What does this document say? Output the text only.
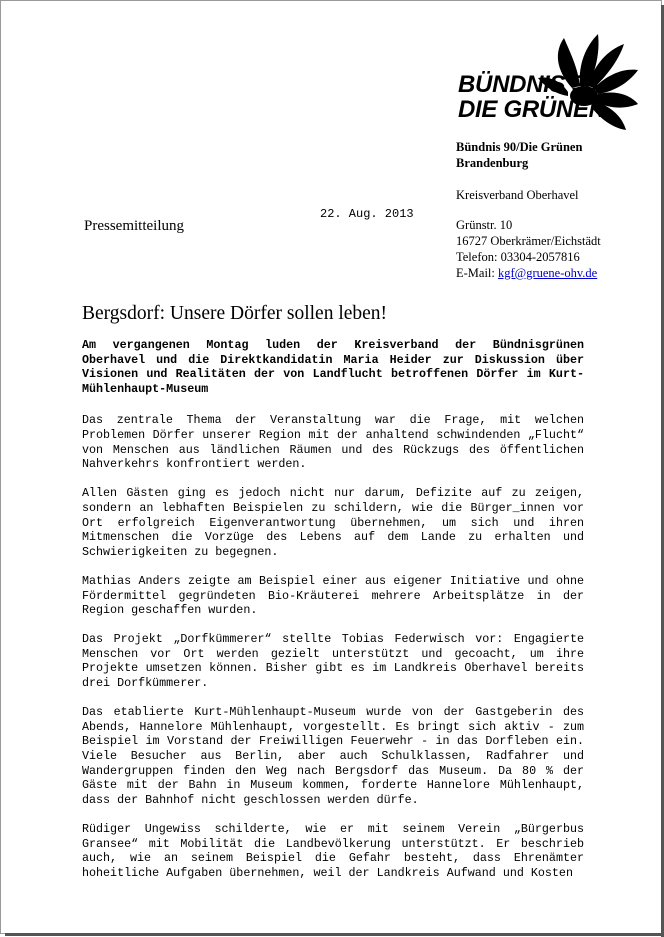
BÜNDNIS 90
DIE GRÜNEN
Bündnis 90/Die Grünen
Brandenburg
Kreisverband Oberhavel
Grünstr. 10
16727 Oberkrämer/Eichstädt
Telefon: 03304-2057816
E-Mail: kgf@gruene-ohv.de
Pressemitteilung
22. Aug. 2013
Bergsdorf: Unsere Dörfer sollen leben!

Am vergangenen Montag luden der Kreisverband der Bündnisgrünen Oberhavel und die Direktkandidatin Maria Heider zur Diskussion über Visionen und Realitäten der von Landflucht betroffenen Dörfer im Kurt-Mühlenhaupt-Museum

Das zentrale Thema der Veranstaltung war die Frage, mit welchen Problemen Dörfer unserer Region mit der anhaltend schwindenden „Flucht“ von Menschen aus ländlichen Räumen und des Rückzugs des öffentlichen Nahverkehrs konfrontiert werden.

Allen Gästen ging es jedoch nicht nur darum, Defizite auf zu zeigen, sondern an lebhaften Beispielen zu schildern, wie die Bürger_innen vor Ort erfolgreich Eigenverantwortung übernehmen, um sich und ihren Mitmenschen die Vorzüge des Lebens auf dem Lande zu erhalten und Schwierigkeiten zu begegnen.

Mathias Anders zeigte am Beispiel einer aus eigener Initiative und ohne Fördermittel gegründeten Bio-Kräuterei mehrere Arbeitsplätze in der Region geschaffen wurden.

Das Projekt „Dorfkümmerer“ stellte Tobias Federwisch vor: Engagierte Menschen vor Ort werden gezielt unterstützt und gecoacht, um ihre Projekte umsetzen können. Bisher gibt es im Landkreis Oberhavel bereits drei Dorfkümmerer.

Das etablierte Kurt-Mühlenhaupt-Museum wurde von der Gastgeberin des Abends, Hannelore Mühlenhaupt, vorgestellt. Es bringt sich aktiv - zum Beispiel im Vorstand der Freiwilligen Feuerwehr - in das Dorfleben ein. Viele Besucher aus Berlin, aber auch Schulklassen, Radfahrer und Wandergruppen finden den Weg nach Bergsdorf das Museum. Da 80 % der Gäste mit der Bahn in Museum kommen, forderte Hannelore Mühlenhaupt, dass der Bahnhof nicht geschlossen werden dürfe.

Rüdiger Ungewiss schilderte, wie er mit seinem Verein „Bürgerbus Gransee“ mit Mobilität die Landbevölkerung unterstützt. Er beschrieb auch, wie an seinem Beispiel die Gefahr besteht, dass Ehrenämter hoheitliche Aufgaben übernehmen, weil der Landkreis Aufwand und Kosten
